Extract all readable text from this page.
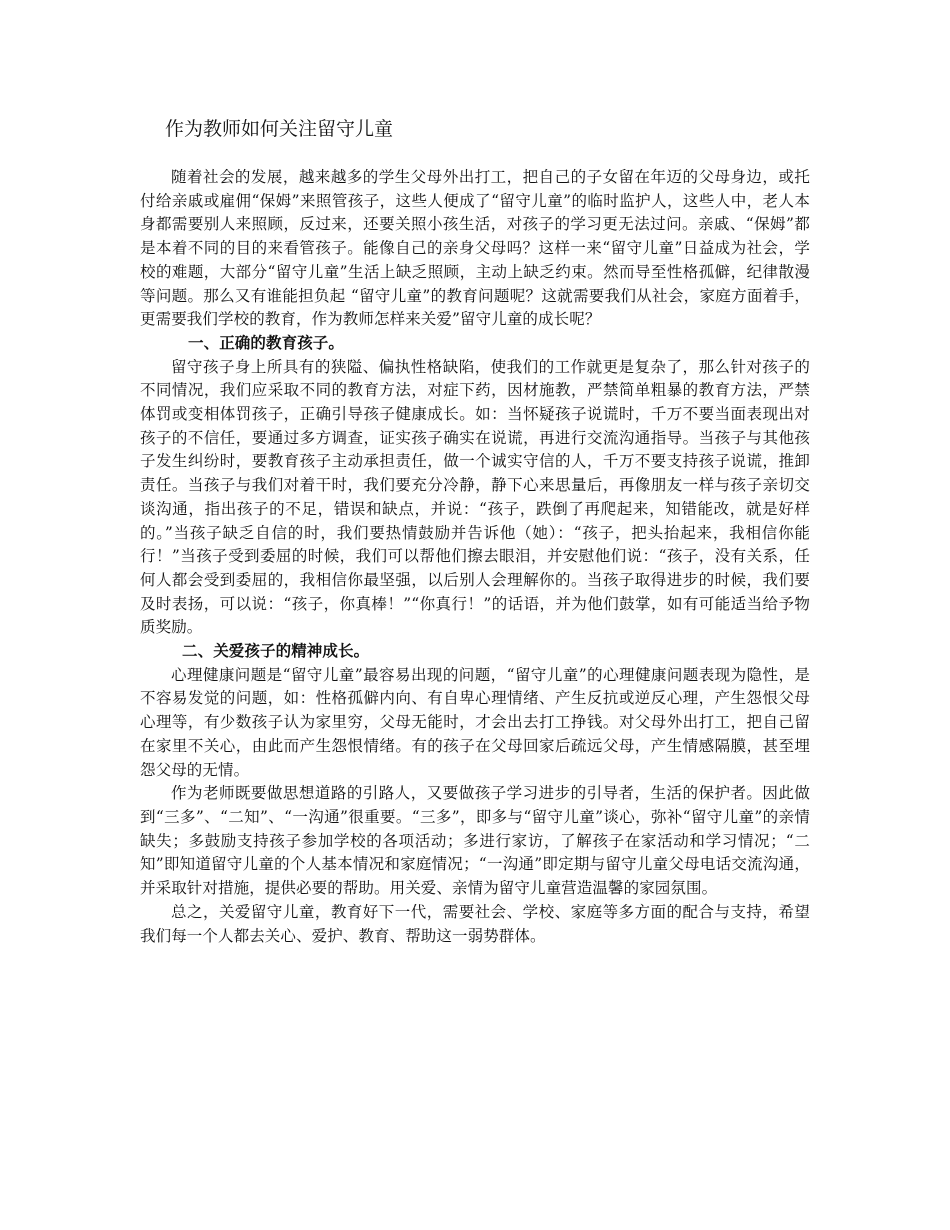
作为教师如何关注留守儿童

随着社会的发展，越来越多的学生父母外出打工，把自己的子女留在年迈的父母身边，或托付给亲戚或雇佣“保姆”来照管孩子，这些人便成了“留守儿童”的临时监护人，这些人中，老人本身都需要别人来照顾，反过来，还要关照小孩生活，对孩子的学习更无法过问。亲戚、“保姆”都是本着不同的目的来看管孩子。能像自己的亲身父母吗？这样一来“留守儿童”日益成为社会，学校的难题，大部分“留守儿童”生活上缺乏照顾，主动上缺乏约束。然而导至性格孤僻，纪律散漫等问题。那么又有谁能担负起 “留守儿童”的教育问题呢？这就需要我们从社会，家庭方面着手，更需要我们学校的教育，作为教师怎样来关爱”留守儿童的成长呢？

一、正确的教育孩子。

留守孩子身上所具有的狭隘、偏执性格缺陷，使我们的工作就更是复杂了，那么针对孩子的不同情况，我们应采取不同的教育方法，对症下药，因材施教，严禁简单粗暴的教育方法，严禁体罚或变相体罚孩子，正确引导孩子健康成长。如：当怀疑孩子说谎时，千万不要当面表现出对孩子的不信任，要通过多方调查，证实孩子确实在说谎，再进行交流沟通指导。当孩子与其他孩子发生纠纷时，要教育孩子主动承担责任，做一个诚实守信的人，千万不要支持孩子说谎，推卸责任。当孩子与我们对着干时，我们要充分冷静，静下心来思量后，再像朋友一样与孩子亲切交谈沟通，指出孩子的不足，错误和缺点，并说：“孩子，跌倒了再爬起来，知错能改，就是好样的。”当孩子缺乏自信的时，我们要热情鼓励并告诉他（她）：“孩子，把头抬起来，我相信你能行！”当孩子受到委屈的时候，我们可以帮他们擦去眼泪，并安慰他们说：“孩子，没有关系，任何人都会受到委屈的，我相信你最坚强，以后别人会理解你的。当孩子取得进步的时候，我们要及时表扬，可以说：“孩子，你真棒！”“你真行！”的话语，并为他们鼓掌，如有可能适当给予物质奖励。

二、关爱孩子的精神成长。

心理健康问题是“留守儿童”最容易出现的问题，“留守儿童”的心理健康问题表现为隐性，是不容易发觉的问题，如：性格孤僻内向、有自卑心理情绪、产生反抗或逆反心理，产生怨恨父母心理等，有少数孩子认为家里穷，父母无能时，才会出去打工挣钱。对父母外出打工，把自己留在家里不关心，由此而产生怨恨情绪。有的孩子在父母回家后疏远父母，产生情感隔膜，甚至埋怨父母的无情。

作为老师既要做思想道路的引路人，又要做孩子学习进步的引导者，生活的保护者。因此做到“三多”、“二知”、“一沟通”很重要。“三多”，即多与“留守儿童”谈心，弥补“留守儿童”的亲情缺失；多鼓励支持孩子参加学校的各项活动；多进行家访，了解孩子在家活动和学习情况；“二知”即知道留守儿童的个人基本情况和家庭情况；“一沟通”即定期与留守儿童父母电话交流沟通，并采取针对措施，提供必要的帮助。用关爱、亲情为留守儿童营造温馨的家园氛围。

总之，关爱留守儿童，教育好下一代，需要社会、学校、家庭等多方面的配合与支持，希望我们每一个人都去关心、爱护、教育、帮助这一弱势群体。
